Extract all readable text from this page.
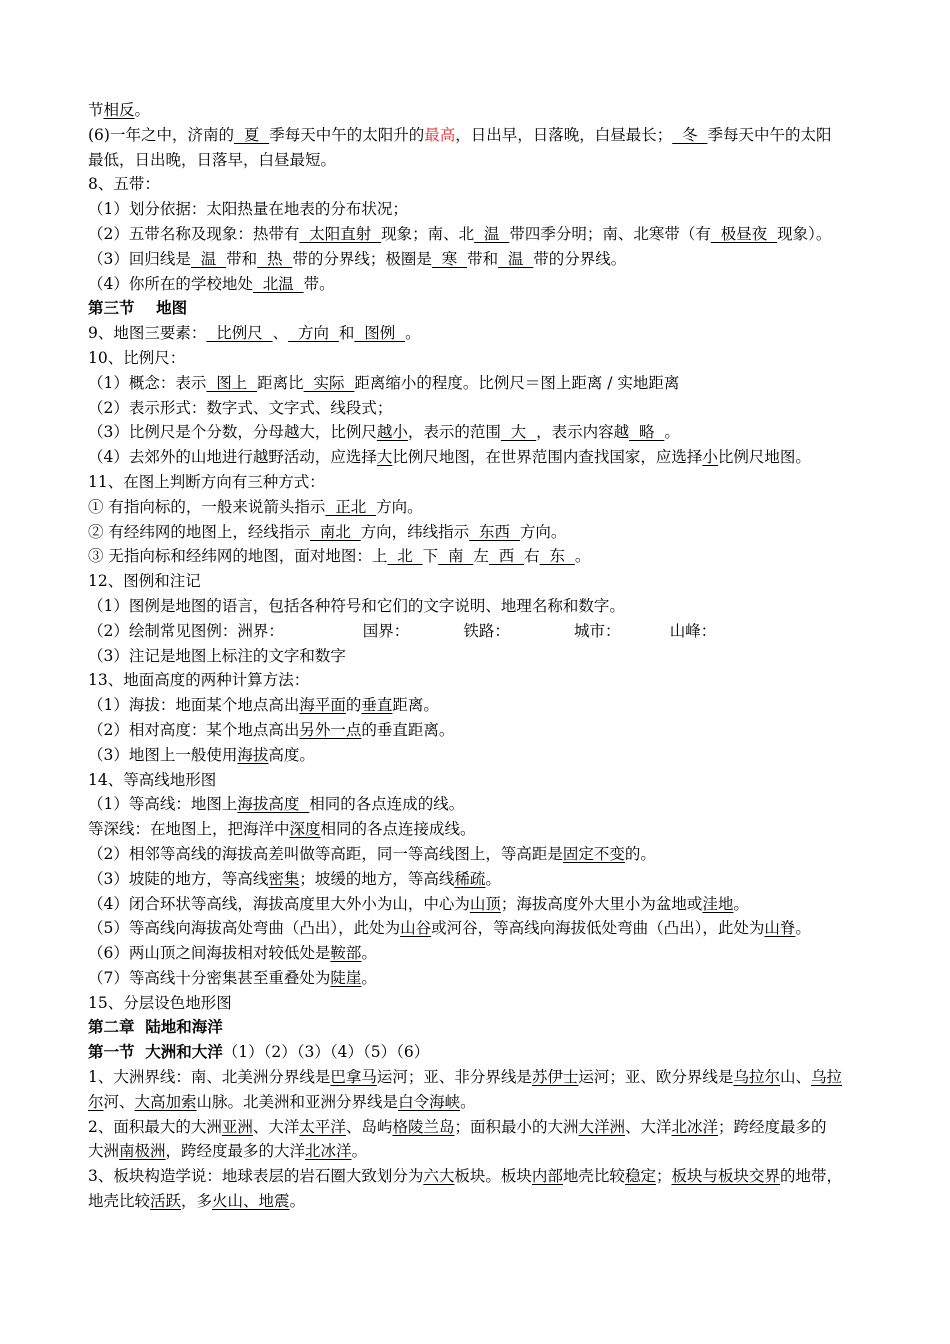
节相反。
(6)一年之中，济南的  夏  季每天中午的太阳升的最高，日出早，日落晚，白昼最长；  冬  季每天中午的太阳
最低，日出晚，日落早，白昼最短。
8、五带：
（1）划分依据：太阳热量在地表的分布状况；
（2）五带名称及现象：热带有  太阳直射  现象；南、北  温  带四季分明；南、北寒带（有  极昼夜  现象）。
（3）回归线是  温  带和  热  带的分界线；极圈是  寒  带和  温  带的分界线。
（4）你所在的学校地处  北温  带。
第三节    地图
9、地图三要素：  比例尺  、  方向  和  图例  。
10、比例尺：
（1）概念：表示  图上  距离比  实际  距离缩小的程度。比例尺＝图上距离 / 实地距离
（2）表示形式：数字式、文字式、线段式；
（3）比例尺是个分数，分母越大，比例尺越小，表示的范围  大  ，表示内容越  略  。
（4）去郊外的山地进行越野活动，应选择大比例尺地图，在世界范围内查找国家，应选择小比例尺地图。
11、在图上判断方向有三种方式：
① 有指向标的，一般来说箭头指示  正北  方向。
② 有经纬网的地图上，经线指示  南北  方向，纬线指示  东西  方向。
③ 无指向标和经纬网的地图，面对地图：上  北  下  南  左  西  右  东  。
12、图例和注记
（1）图例是地图的语言，包括各种符号和它们的文字说明、地理名称和数字。
（2）绘制常见图例：洲界：                国界：           铁路：             城市：          山峰：
（3）注记是地图上标注的文字和数字
13、地面高度的两种计算方法：
（1）海拔：地面某个地点高出海平面的垂直距离。
（2）相对高度：某个地点高出另外一点的垂直距离。
（3）地图上一般使用海拔高度。
14、等高线地形图
（1）等高线：地图上海拔高度  相同的各点连成的线。
等深线：在地图上，把海洋中深度相同的各点连接成线。
（2）相邻等高线的海拔高差叫做等高距，同一等高线图上，等高距是固定不变的。
（3）坡陡的地方，等高线密集；坡缓的地方，等高线稀疏。
（4）闭合环状等高线，海拔高度里大外小为山，中心为山顶；海拔高度外大里小为盆地或洼地。
（5）等高线向海拔高处弯曲（凸出），此处为山谷或河谷，等高线向海拔低处弯曲（凸出），此处为山脊。
（6）两山顶之间海拔相对较低处是鞍部。
（7）等高线十分密集甚至重叠处为陡崖。
15、分层设色地形图
第二章  陆地和海洋
第一节  大洲和大洋（1）（2）（3）（4）（5）（6）
1、大洲界线：南、北美洲分界线是巴拿马运河；亚、非分界线是苏伊士运河；亚、欧分界线是乌拉尔山、乌拉
尔河、大高加索山脉。北美洲和亚洲分界线是白令海峡。
2、面积最大的大洲亚洲、大洋太平洋、岛屿格陵兰岛；面积最小的大洲大洋洲、大洋北冰洋；跨经度最多的
大洲南极洲，跨经度最多的大洋北冰洋。
3、板块构造学说：地球表层的岩石圈大致划分为六大板块。板块内部地壳比较稳定；板块与板块交界的地带，
地壳比较活跃，多火山、地震。
